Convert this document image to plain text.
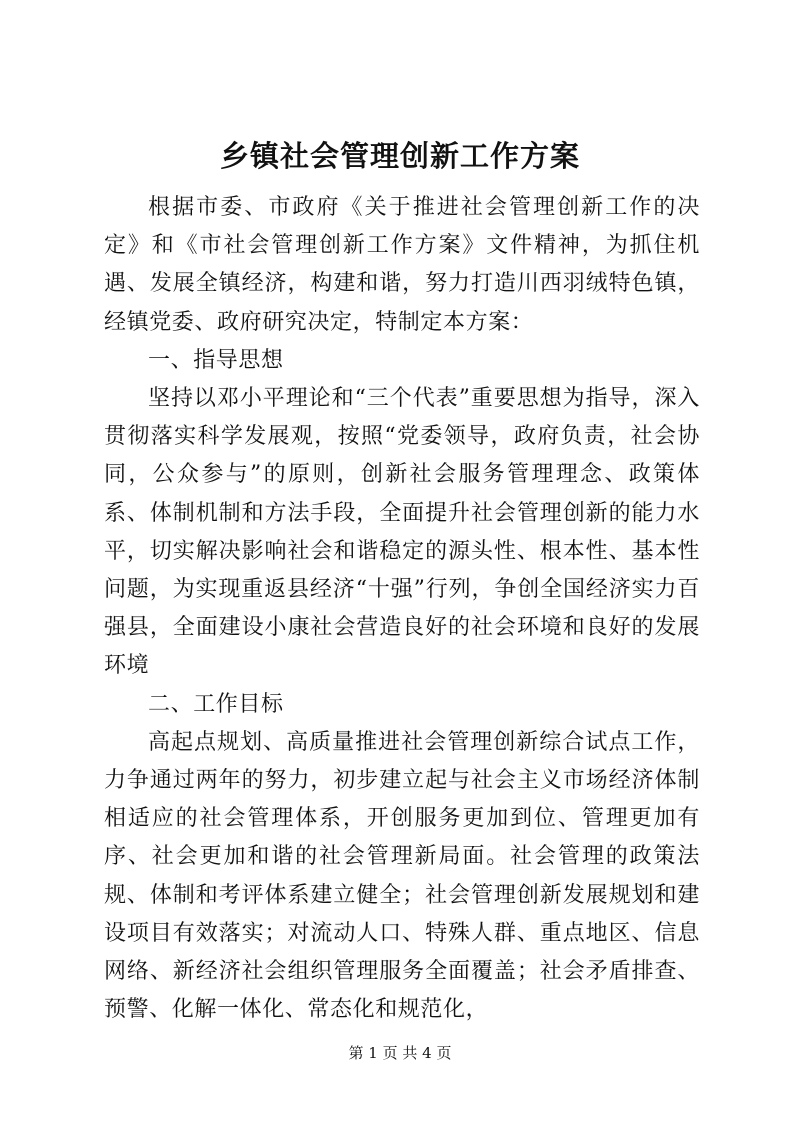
乡镇社会管理创新工作方案

根据市委、市政府《关于推进社会管理创新工作的决定》和《市社会管理创新工作方案》文件精神，为抓住机遇、发展全镇经济，构建和谐，努力打造川西羽绒特色镇，经镇党委、政府研究决定，特制定本方案：

一、指导思想

坚持以邓小平理论和“三个代表”重要思想为指导，深入贯彻落实科学发展观，按照“党委领导，政府负责，社会协同，公众参与”的原则，创新社会服务管理理念、政策体系、体制机制和方法手段，全面提升社会管理创新的能力水平，切实解决影响社会和谐稳定的源头性、根本性、基本性问题，为实现重返县经济“十强”行列，争创全国经济实力百强县，全面建设小康社会营造良好的社会环境和良好的发展环境

二、工作目标

高起点规划、高质量推进社会管理创新综合试点工作，力争通过两年的努力，初步建立起与社会主义市场经济体制相适应的社会管理体系，开创服务更加到位、管理更加有序、社会更加和谐的社会管理新局面。社会管理的政策法规、体制和考评体系建立健全；社会管理创新发展规划和建设项目有效落实；对流动人口、特殊人群、重点地区、信息网络、新经济社会组织管理服务全面覆盖；社会矛盾排查、预警、化解一体化、常态化和规范化，

第 1 页 共 4 页
